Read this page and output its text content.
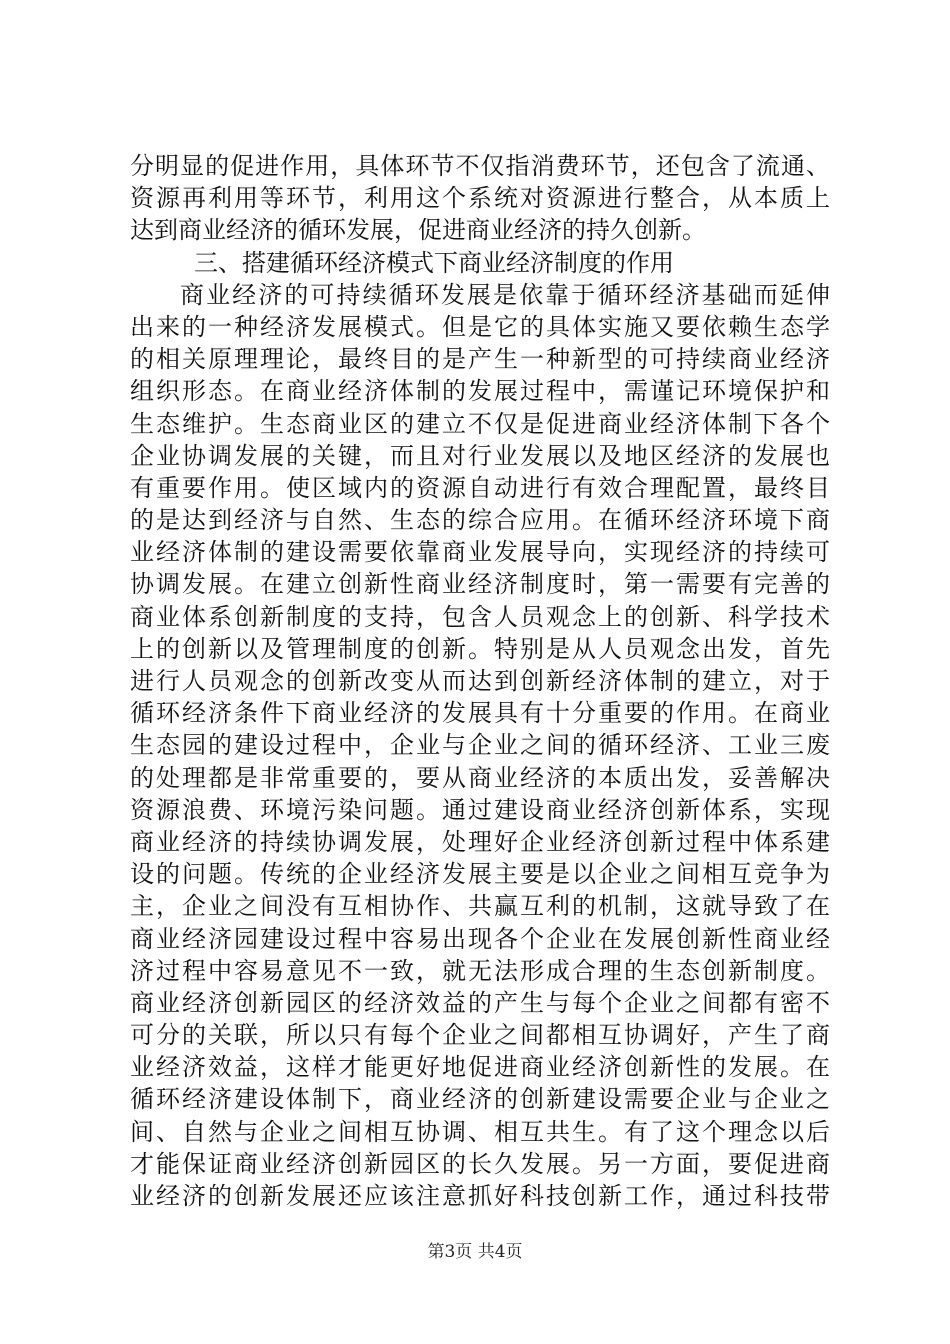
分明显的促进作用，具体环节不仅指消费环节，还包含了流通、
资源再利用等环节，利用这个系统对资源进行整合，从本质上
达到商业经济的循环发展，促进商业经济的持久创新。
三、搭建循环经济模式下商业经济制度的作用
商业经济的可持续循环发展是依靠于循环经济基础而延伸
出来的一种经济发展模式。但是它的具体实施又要依赖生态学
的相关原理理论，最终目的是产生一种新型的可持续商业经济
组织形态。在商业经济体制的发展过程中，需谨记环境保护和
生态维护。生态商业区的建立不仅是促进商业经济体制下各个
企业协调发展的关键，而且对行业发展以及地区经济的发展也
有重要作用。使区域内的资源自动进行有效合理配置，最终目
的是达到经济与自然、生态的综合应用。在循环经济环境下商
业经济体制的建设需要依靠商业发展导向，实现经济的持续可
协调发展。在建立创新性商业经济制度时，第一需要有完善的
商业体系创新制度的支持，包含人员观念上的创新、科学技术
上的创新以及管理制度的创新。特别是从人员观念出发，首先
进行人员观念的创新改变从而达到创新经济体制的建立，对于
循环经济条件下商业经济的发展具有十分重要的作用。在商业
生态园的建设过程中，企业与企业之间的循环经济、工业三废
的处理都是非常重要的，要从商业经济的本质出发，妥善解决
资源浪费、环境污染问题。通过建设商业经济创新体系，实现
商业经济的持续协调发展，处理好企业经济创新过程中体系建
设的问题。传统的企业经济发展主要是以企业之间相互竞争为
主，企业之间没有互相协作、共赢互利的机制，这就导致了在
商业经济园建设过程中容易出现各个企业在发展创新性商业经
济过程中容易意见不一致，就无法形成合理的生态创新制度。
商业经济创新园区的经济效益的产生与每个企业之间都有密不
可分的关联，所以只有每个企业之间都相互协调好，产生了商
业经济效益，这样才能更好地促进商业经济创新性的发展。在
循环经济建设体制下，商业经济的创新建设需要企业与企业之
间、自然与企业之间相互协调、相互共生。有了这个理念以后
才能保证商业经济创新园区的长久发展。另一方面，要促进商
业经济的创新发展还应该注意抓好科技创新工作，通过科技带
第3页 共4页
